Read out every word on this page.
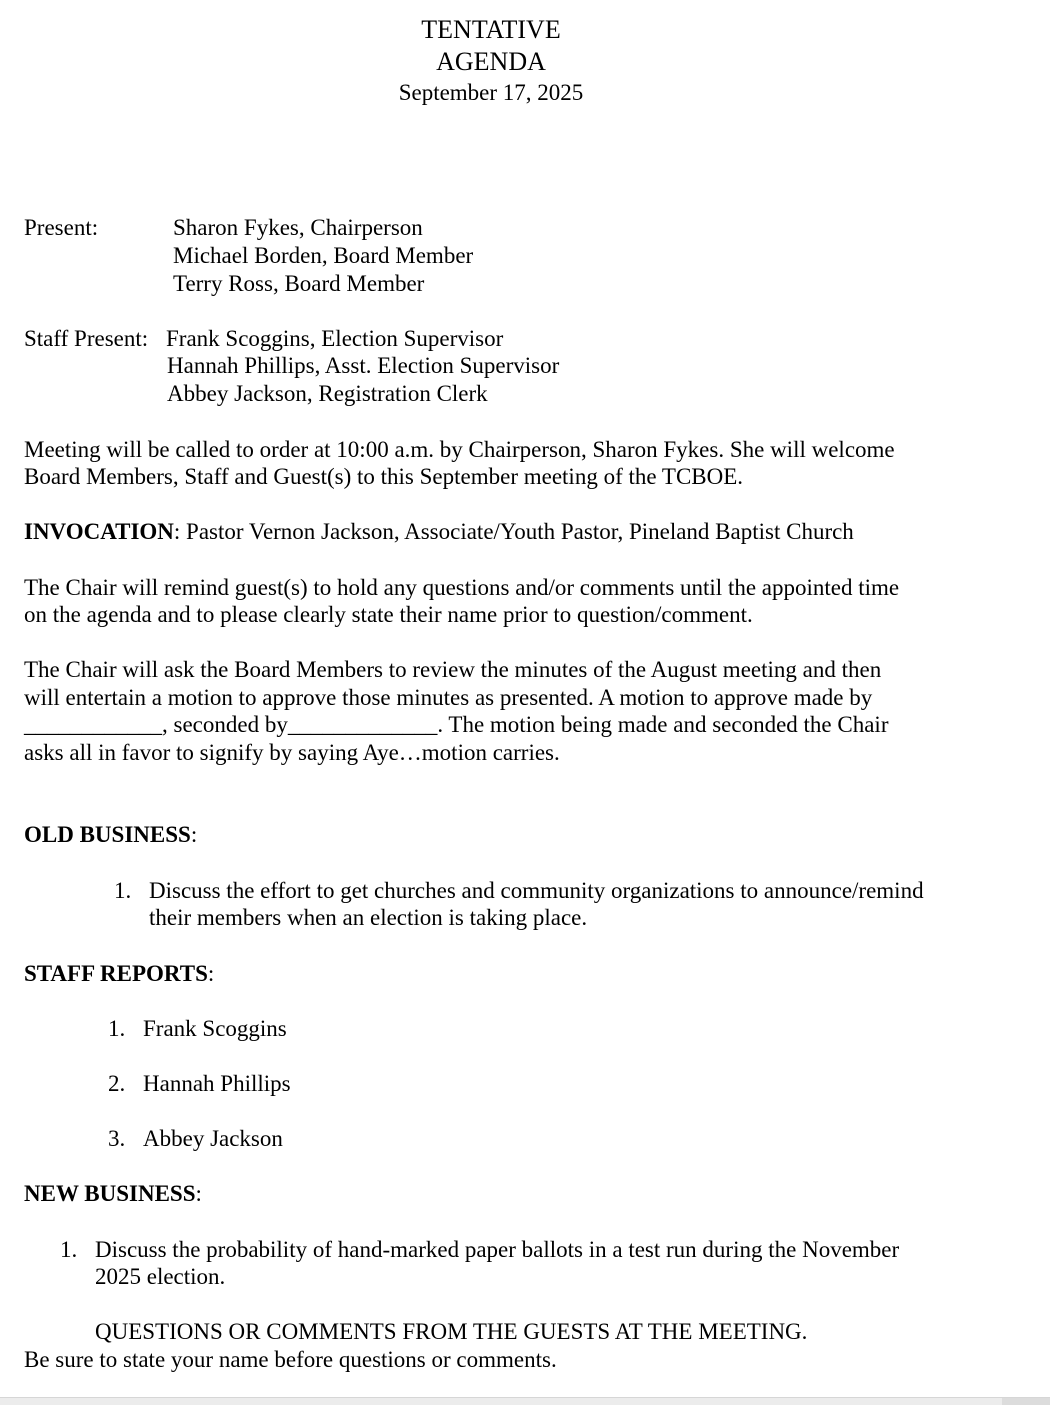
TENTATIVE
AGENDA
September 17, 2025
Present:	Sharon Fykes, Chairperson
Michael Borden, Board Member
Terry Ross, Board Member
Staff Present: Frank Scoggins, Election Supervisor
Hannah Phillips, Asst. Election Supervisor
Abbey Jackson, Registration Clerk
Meeting will be called to order at 10:00 a.m. by Chairperson, Sharon Fykes. She will welcome
Board Members, Staff and Guest(s) to this September meeting of the TCBOE.
INVOCATION: Pastor Vernon Jackson, Associate/Youth Pastor, Pineland Baptist Church
The Chair will remind guest(s) to hold any questions and/or comments until the appointed time
on the agenda and to please clearly state their name prior to question/comment.
The Chair will ask the Board Members to review the minutes of the August meeting and then
will entertain a motion to approve those minutes as presented. A motion to approve made by
____________, seconded by_____________. The motion being made and seconded the Chair
asks all in favor to signify by saying Aye…motion carries.
OLD BUSINESS:
1. Discuss the effort to get churches and community organizations to announce/remind
their members when an election is taking place.
STAFF REPORTS:
1. Frank Scoggins
2. Hannah Phillips
3. Abbey Jackson
NEW BUSINESS:
1. Discuss the probability of hand-marked paper ballots in a test run during the November
2025 election.
QUESTIONS OR COMMENTS FROM THE GUESTS AT THE MEETING.
Be sure to state your name before questions or comments.
